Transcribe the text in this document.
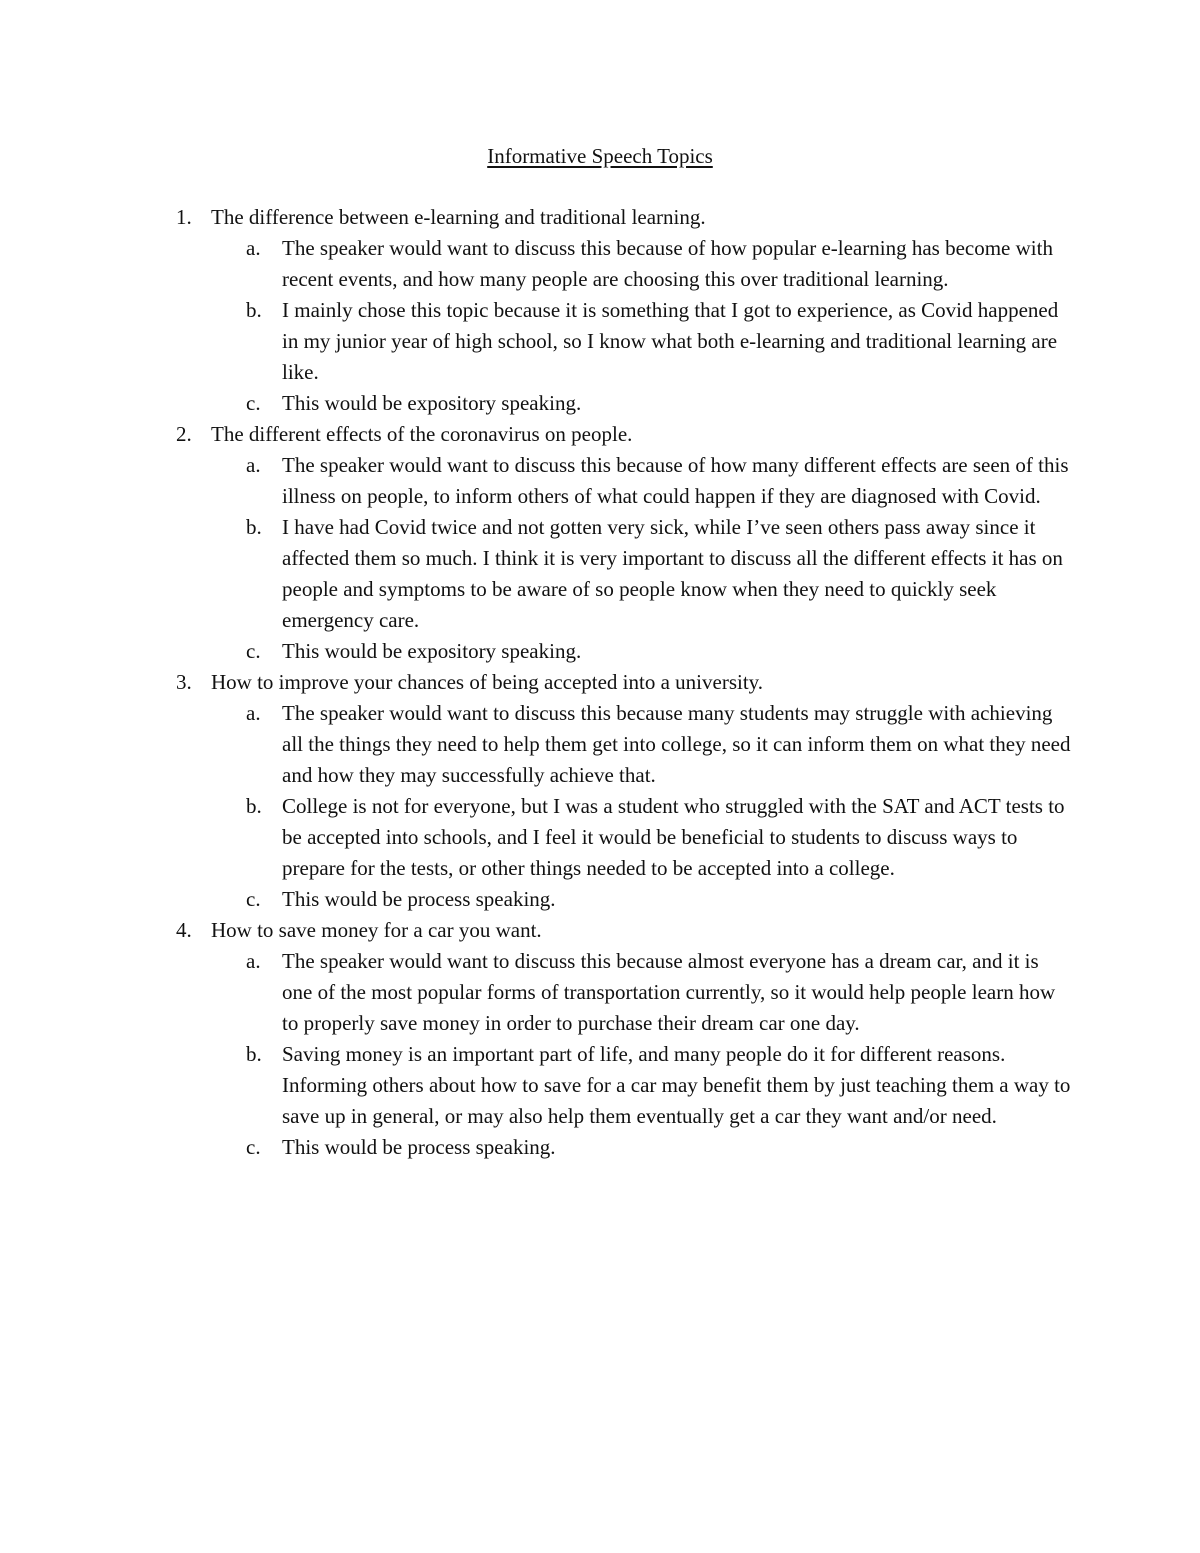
Informative Speech Topics
1. The difference between e-learning and traditional learning.
a.	The speaker would want to discuss this because of how popular e-learning has become with recent events, and how many people are choosing this over traditional learning.
b. I mainly chose this topic because it is something that I got to experience, as Covid happened in my junior year of high school, so I know what both e-learning and traditional learning are like.
c.	This would be expository speaking.
2. The different effects of the coronavirus on people.
a.	The speaker would want to discuss this because of how many different effects are seen of this illness on people, to inform others of what could happen if they are diagnosed with Covid.
b. I have had Covid twice and not gotten very sick, while I’ve seen others pass away since it affected them so much. I think it is very important to discuss all the different effects it has on people and symptoms to be aware of so people know when they need to quickly seek emergency care.
c.	This would be expository speaking.
3. How to improve your chances of being accepted into a university.
a.	The speaker would want to discuss this because many students may struggle with achieving all the things they need to help them get into college, so it can inform them on what they need and how they may successfully achieve that.
b. College is not for everyone, but I was a student who struggled with the SAT and ACT tests to be accepted into schools, and I feel it would be beneficial to students to discuss ways to prepare for the tests, or other things needed to be accepted into a college.
c.	This would be process speaking.
4. How to save money for a car you want.
a.	The speaker would want to discuss this because almost everyone has a dream car, and it is one of the most popular forms of transportation currently, so it would help people learn how to properly save money in order to purchase their dream car one day.
b. Saving money is an important part of life, and many people do it for different reasons. Informing others about how to save for a car may benefit them by just teaching them a way to save up in general, or may also help them eventually get a car they want and/or need.
c.	This would be process speaking.
